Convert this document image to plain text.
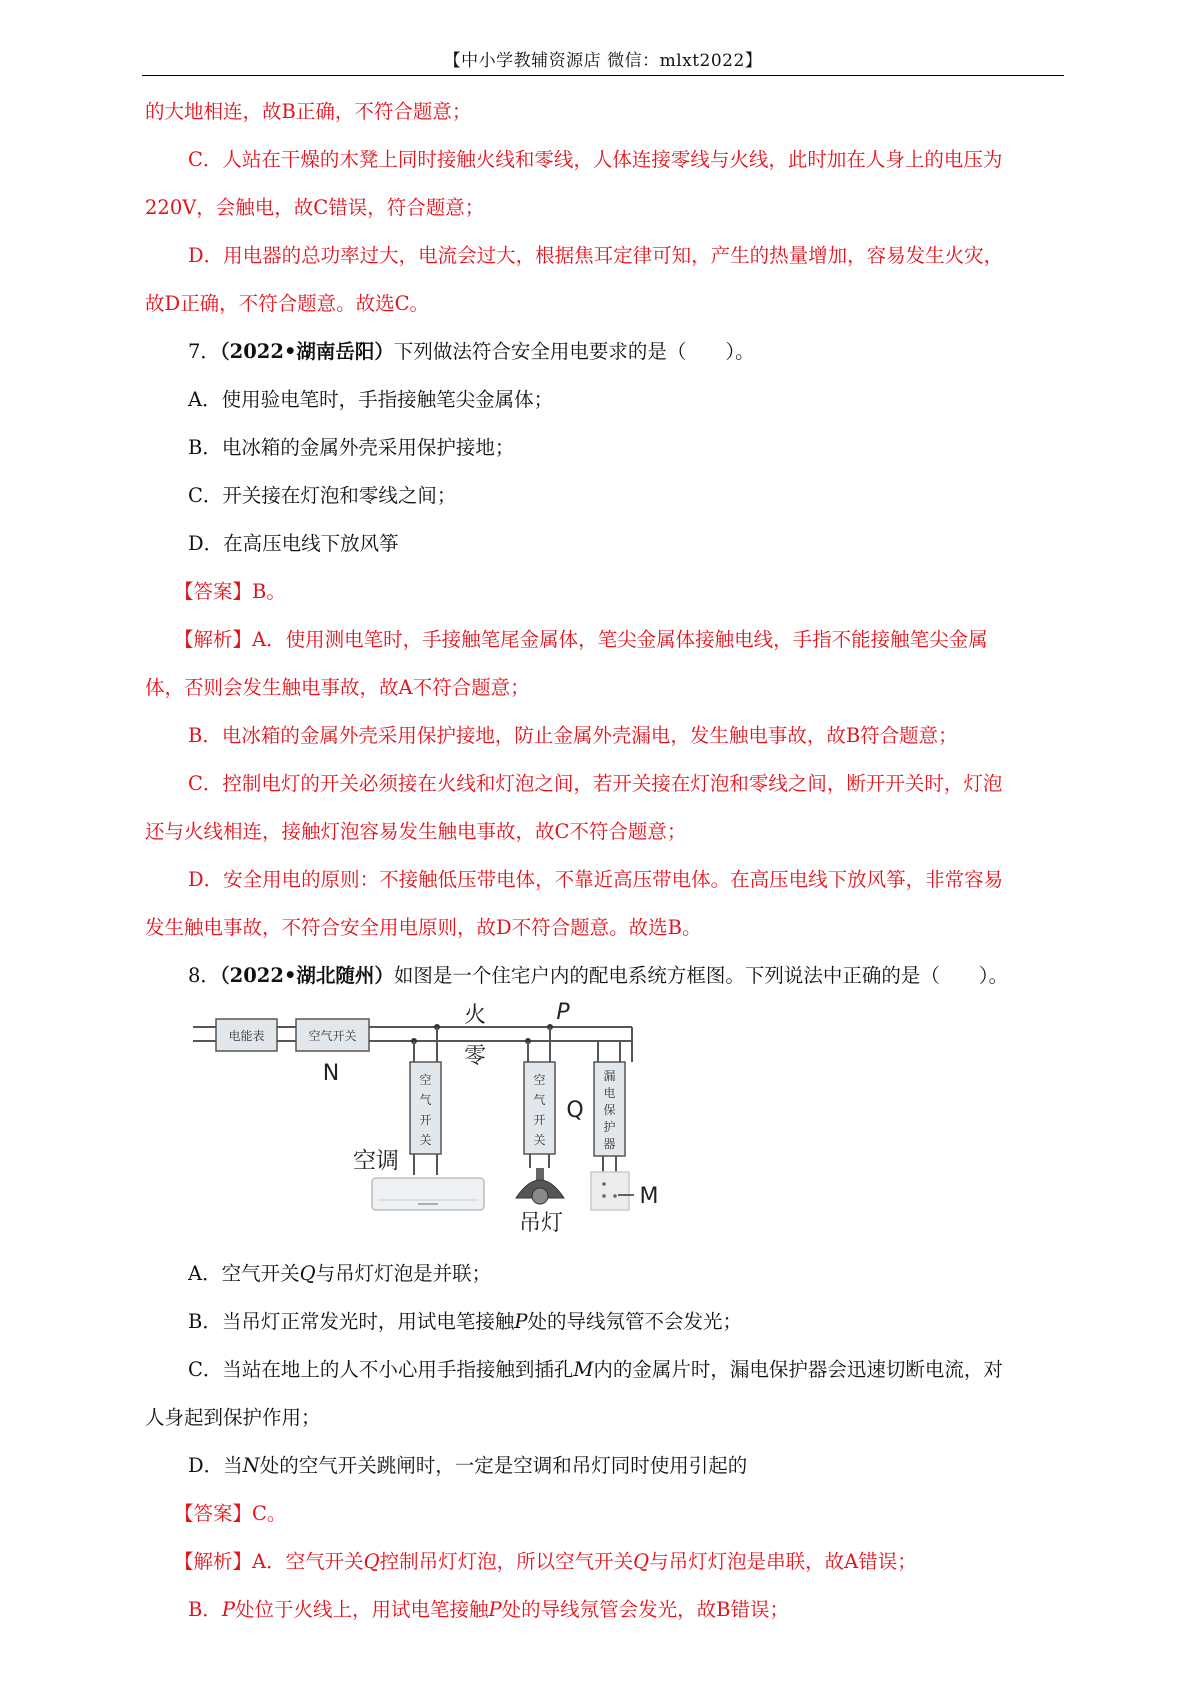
【中小学教辅资源店 微信：mlxt2022】
的大地相连，故B正确，不符合题意；
C．人站在干燥的木凳上同时接触火线和零线，人体连接零线与火线，此时加在人身上的电压为
220V，会触电，故C错误，符合题意；
D．用电器的总功率过大，电流会过大，根据焦耳定律可知，产生的热量增加，容易发生火灾，
故D正确，不符合题意。故选C。
7．（2022•湖南岳阳）下列做法符合安全用电要求的是（　　）。
A．使用验电笔时，手指接触笔尖金属体；
B．电冰箱的金属外壳采用保护接地；
C．开关接在灯泡和零线之间；
D．在高压电线下放风筝
【答案】B。
【解析】A．使用测电笔时，手接触笔尾金属体，笔尖金属体接触电线，手指不能接触笔尖金属
体，否则会发生触电事故，故A不符合题意；
B．电冰箱的金属外壳采用保护接地，防止金属外壳漏电，发生触电事故，故B符合题意；
C．控制电灯的开关必须接在火线和灯泡之间，若开关接在灯泡和零线之间，断开开关时，灯泡
还与火线相连，接触灯泡容易发生触电事故，故C不符合题意；
D．安全用电的原则：不接触低压带电体，不靠近高压带电体。在高压电线下放风筝，非常容易
发生触电事故，不符合安全用电原则，故D不符合题意。故选B。
8．（2022•湖北随州）如图是一个住宅户内的配电系统方框图。下列说法中正确的是（　　）。
电能表	空气开关
空
气
开
关
空
气
开
关
漏
电
保
护
器
火	P
零
N
Q
M
空调
吊灯
A．空气开关Q与吊灯灯泡是并联；
B．当吊灯正常发光时，用试电笔接触P处的导线氖管不会发光；
C．当站在地上的人不小心用手指接触到插孔M内的金属片时，漏电保护器会迅速切断电流，对
人身起到保护作用；
D．当N处的空气开关跳闸时，一定是空调和吊灯同时使用引起的
【答案】C。
【解析】A．空气开关Q控制吊灯灯泡，所以空气开关Q与吊灯灯泡是串联，故A错误；
B．P处位于火线上，用试电笔接触P处的导线氖管会发光，故B错误；
